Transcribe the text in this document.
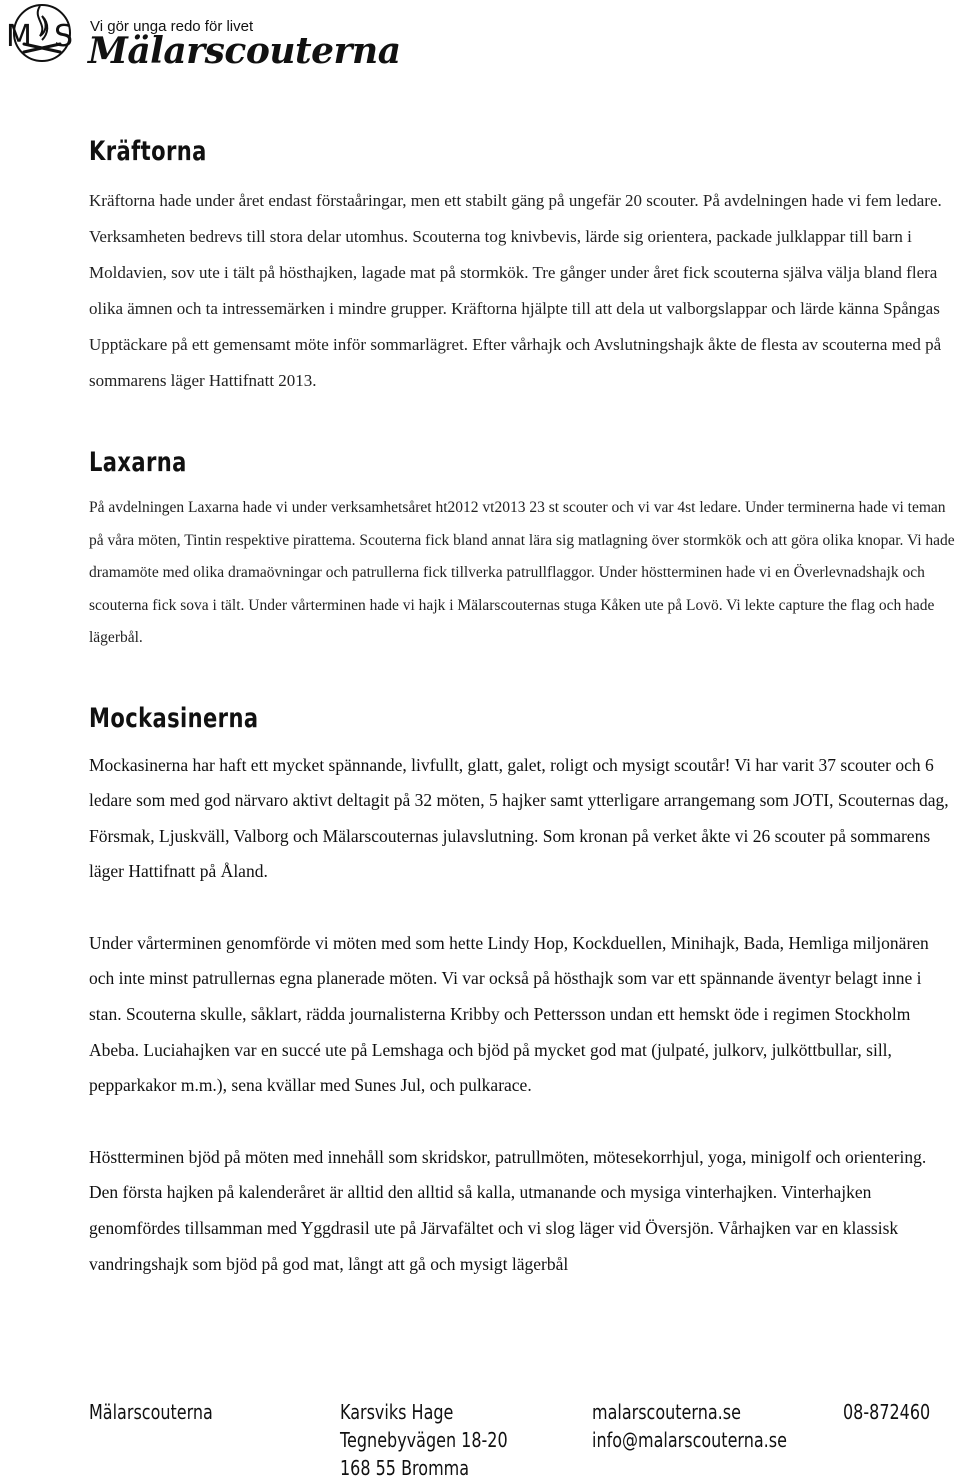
M S Vi gör unga redo för livet
Mälarscouterna
Kräftorna

Kräftorna hade under året endast förstaåringar, men ett stabilt gäng på ungefär 20 scouter. På avdelningen hade vi fem ledare. Verksamheten bedrevs till stora delar utomhus. Scouterna tog knivbevis, lärde sig orientera, packade julklappar till barn i Moldavien, sov ute i tält på hösthajken, lagade mat på stormkök. Tre gånger under året fick scouterna själva välja bland flera olika ämnen och ta intressemärken i mindre grupper. Kräftorna hjälpte till att dela ut valborgslappar och lärde känna Spångas Upptäckare på ett gemensamt möte inför sommarlägret. Efter vårhajk och Avslutningshajk åkte de flesta av scouterna med på sommarens läger Hattifnatt 2013.

Laxarna

På avdelningen Laxarna hade vi under verksamhetsåret ht2012 vt2013 23 st scouter och vi var 4st ledare. Under terminerna hade vi teman på våra möten, Tintin respektive pirattema. Scouterna fick bland annat lära sig matlagning över stormkök och att göra olika knopar. Vi hade dramamöte med olika dramaövningar och patrullerna fick tillverka patrullflaggor. Under höstterminen hade vi en Överlevnadshajk och scouterna fick sova i tält. Under vårterminen hade vi hajk i Mälarscouternas stuga Kåken ute på Lovö. Vi lekte capture the flag och hade lägerbål.

Mockasinerna

Mockasinerna har haft ett mycket spännande, livfullt, glatt, galet, roligt och mysigt scoutår! Vi har varit 37 scouter och 6 ledare som med god närvaro aktivt deltagit på 32 möten, 5 hajker samt ytterligare arrangemang som JOTI, Scouternas dag, Försmak, Ljuskväll, Valborg och Mälarscouternas julavslutning. Som kronan på verket åkte vi 26 scouter på sommarens läger Hattifnatt på Åland.

Under vårterminen genomförde vi möten med som hette Lindy Hop, Kockduellen, Minihajk, Bada, Hemliga miljonären och inte minst patrullernas egna planerade möten. Vi var också på hösthajk som var ett spännande äventyr belagt inne i stan. Scouterna skulle, såklart, rädda journalisterna Kribby och Pettersson undan ett hemskt öde i regimen Stockholm Abeba. Luciahajken var en succé ute på Lemshaga och bjöd på mycket god mat (julpaté, julkorv, julköttbullar, sill, pepparkakor m.m.), sena kvällar med Sunes Jul, och pulkarace.

Höstterminen bjöd på möten med innehåll som skridskor, patrullmöten, mötesekorrhjul, yoga, minigolf och orientering. Den första hajken på kalenderåret är alltid den alltid så kalla, utmanande och mysiga vinterhajken. Vinterhajken genomfördes tillsamman med Yggdrasil ute på Järvafältet och vi slog läger vid Översjön. Vårhajken var en klassisk vandringshajk som bjöd på god mat, långt att gå och mysigt lägerbål

Mälarscouterna	Karsviks Hage
Tegnebyvägen 18-20
168 55 Bromma
malarscouterna.se
info@malarscouterna.se
08-872460
